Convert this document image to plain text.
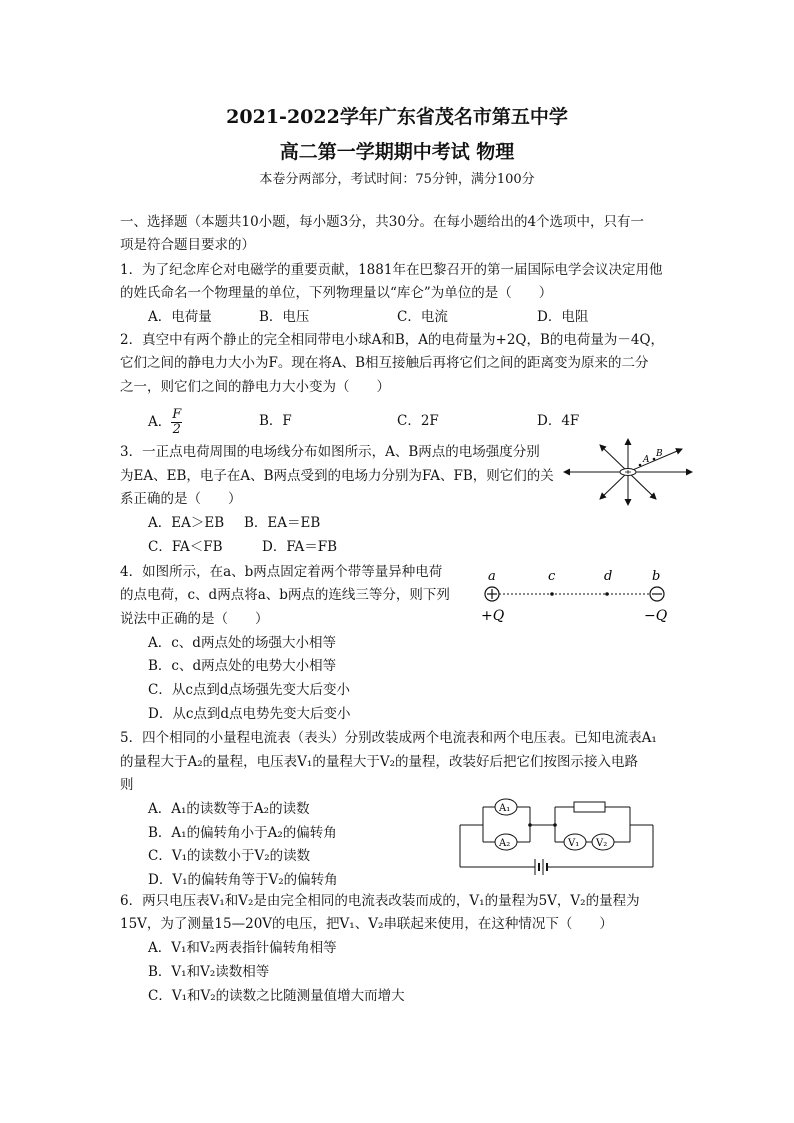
2021-2022学年广东省茂名市第五中学
高二第一学期期中考试 物理
本卷分两部分，考试时间：75分钟，满分100分
一、选择题（本题共10小题，每小题3分，共30分。在每小题给出的4个选项中，只有一
项是符合题目要求的）
1．为了纪念库仑对电磁学的重要贡献，1881年在巴黎召开的第一届国际电学会议决定用他
的姓氏命名一个物理量的单位，下列物理量以“库仑”为单位的是（　　）
A．电荷量	B．电压	C．电流	D．电阻
2．真空中有两个静止的完全相同带电小球A和B，A的电荷量为+2Q，B的电荷量为－4Q，
它们之间的静电力大小为F。现在将A、B相互接触后再将它们之间的距离变为原来的二分
之一，则它们之间的静电力大小变为（　　）
A． $\frac{F}{2}$	B．F	C．2F	D．4F
3．一正点电荷周围的电场线分布如图所示，A、B两点的电场强度分别
为EA、EB，电子在A、B两点受到的电场力分别为FA、FB，则它们的关
系正确的是（　　）
A．EA＞EB B．EA＝EB
C．FA＜FB	D．FA＝FB
A
B
4．如图所示，在a、b两点固定着两个带等量异种电荷
的点电荷，c、d两点将a、b两点的连线三等分，则下列
说法中正确的是（　　）
A．c、d两点处的场强大小相等
B．c、d两点处的电势大小相等
C．从c点到d点场强先变大后变小
D．从c点到d点电势先变大后变小
a	c	d	b
+Q	−Q
5．四个相同的小量程电流表（表头）分别改装成两个电流表和两个电压表。已知电流表A₁
的量程大于A₂的量程，电压表V₁的量程大于V₂的量程，改装好后把它们按图示接入电路
则
A．A₁的读数等于A₂的读数
B．A₁的偏转角小于A₂的偏转角
C．V₁的读数小于V₂的读数
D．V₁的偏转角等于V₂的偏转角
A₁
A₂	V₁ V₂
6．两只电压表V₁和V₂是由完全相同的电流表改装而成的，V₁的量程为5V，V₂的量程为
15V，为了测量15—20V的电压，把V₁、V₂串联起来使用，在这种情况下（　　）
A．V₁和V₂两表指针偏转角相等
B．V₁和V₂读数相等
C．V₁和V₂的读数之比随测量值增大而增大
